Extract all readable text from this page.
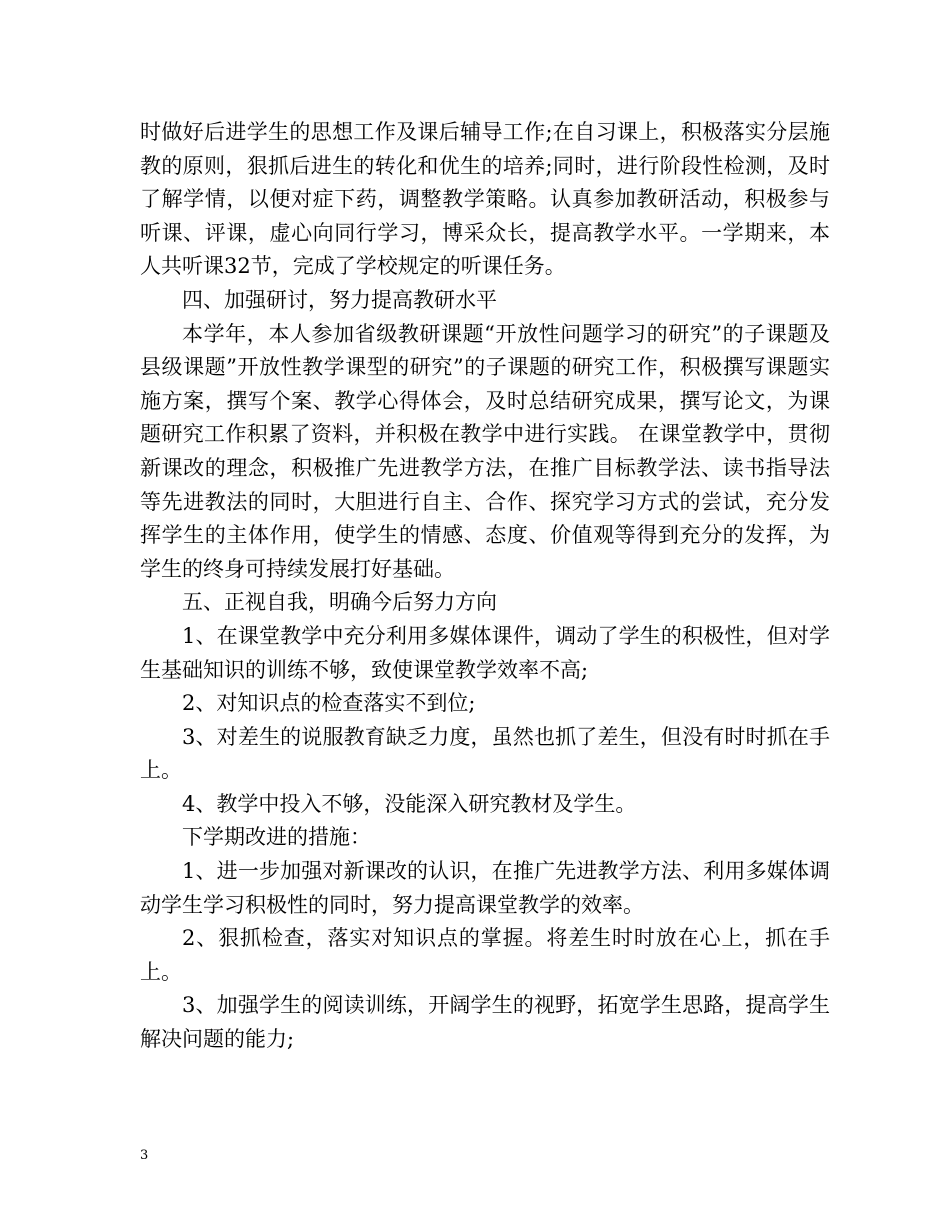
时做好后进学生的思想工作及课后辅导工作;在自习课上，积极落实分层施教的原则，狠抓后进生的转化和优生的培养;同时，进行阶段性检测，及时了解学情，以便对症下药，调整教学策略。认真参加教研活动，积极参与听课、评课，虚心向同行学习，博采众长，提高教学水平。一学期来，本人共听课32节，完成了学校规定的听课任务。

四、加强研讨，努力提高教研水平

本学年，本人参加省级教研课题“开放性问题学习的研究”的子课题及县级课题”开放性教学课型的研究”的子课题的研究工作，积极撰写课题实施方案，撰写个案、教学心得体会，及时总结研究成果，撰写论文，为课题研究工作积累了资料，并积极在教学中进行实践。 在课堂教学中，贯彻新课改的理念，积极推广先进教学方法，在推广目标教学法、读书指导法等先进教法的同时，大胆进行自主、合作、探究学习方式的尝试，充分发挥学生的主体作用，使学生的情感、态度、价值观等得到充分的发挥，为学生的终身可持续发展打好基础。

五、正视自我，明确今后努力方向

1、在课堂教学中充分利用多媒体课件，调动了学生的积极性，但对学生基础知识的训练不够，致使课堂教学效率不高;

2、对知识点的检查落实不到位;

3、对差生的说服教育缺乏力度，虽然也抓了差生，但没有时时抓在手上。

4、教学中投入不够，没能深入研究教材及学生。

下学期改进的措施：

1、进一步加强对新课改的认识，在推广先进教学方法、利用多媒体调动学生学习积极性的同时，努力提高课堂教学的效率。

2、狠抓检查，落实对知识点的掌握。将差生时时放在心上，抓在手上。

3、加强学生的阅读训练，开阔学生的视野，拓宽学生思路，提高学生解决问题的能力;

3
